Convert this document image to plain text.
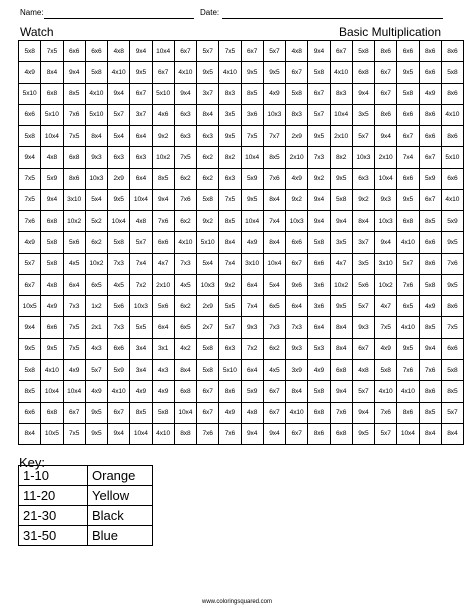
Name:	Date:
Watch	Basic Multiplication
5x8	7x5	6x6	6x6	4x8	9x4	10x4	6x7	5x7	7x5	6x7	5x7	4x8	9x4	6x7	5x8	8x6	6x6	8x6	8x6
4x9	8x4	9x4	5x8	4x10	9x5	6x7	4x10	9x5	4x10	9x5	9x5	6x7	5x8	4x10	6x8	6x7	9x5	6x6	5x8
5x10	6x8	8x5	4x10	9x4	6x7	5x10	9x4	3x7	8x3	8x5	4x9	5x8	6x7	8x3	9x4	6x7	5x8	4x9	8x6
6x6	5x10	7x6	5x10	5x7	3x7	4x6	6x3	8x4	3x5	3x6	10x3	8x3	5x7	10x4	3x5	8x6	6x6	8x6	4x10
5x8	10x4	7x5	8x4	5x4	6x4	9x2	6x3	6x3	9x5	7x5	7x7	2x9	9x5	2x10	5x7	9x4	6x7	6x6	8x6
9x4	4x8	6x8	9x3	6x3	6x3	10x2	7x5	6x2	8x2	10x4	8x5	2x10	7x3	8x2	10x3	2x10	7x4	6x7	5x10
7x5	5x9	8x6	10x3	2x9	6x4	8x5	6x2	6x2	6x3	5x9	7x6	4x9	9x2	9x5	6x3	10x4	6x6	5x9	6x6
7x5	9x4	3x10	5x4	9x5	10x4	9x4	7x6	5x8	7x5	9x5	8x4	9x2	9x4	5x8	9x2	9x3	9x5	6x7	4x10
7x6	6x8	10x2	5x2	10x4	4x8	7x6	6x2	9x2	8x5	10x4	7x4	10x3	9x4	9x4	8x4	10x3	6x8	8x5	5x9
4x9	5x8	5x6	6x2	5x8	5x7	6x6	4x10	5x10	8x4	4x9	8x4	6x6	5x8	3x5	3x7	9x4	4x10	6x6	9x5
5x7	5x8	4x5	10x2	7x3	7x4	4x7	7x3	5x4	7x4	3x10	10x4	6x7	6x6	4x7	3x5	3x10	5x7	8x6	7x6
6x7	4x8	6x4	6x5	4x5	7x2	2x10	4x5	10x3	9x2	6x4	5x4	9x6	3x6	10x2	5x6	10x2	7x6	5x8	9x5
10x5	4x9	7x3	1x2	5x6	10x3	5x6	6x2	2x9	5x5	7x4	6x5	6x4	3x6	9x5	5x7	4x7	6x5	4x9	8x6
9x4	6x6	7x5	2x1	7x3	5x5	6x4	6x5	2x7	5x7	9x3	7x3	7x3	6x4	8x4	9x3	7x5	4x10	8x5	7x5
9x5	9x5	7x5	4x3	6x6	3x4	3x1	4x2	5x8	6x3	7x2	6x2	9x3	5x3	8x4	6x7	4x9	9x5	9x4	6x6
5x8	4x10	4x9	5x7	5x9	3x4	4x3	8x4	5x8	5x10	6x4	4x5	3x9	4x9	6x8	4x8	5x8	7x6	7x6	5x8
8x5	10x4	10x4	4x9	4x10	4x9	4x9	6x8	6x7	8x6	5x9	6x7	8x4	5x8	9x4	5x7	4x10	4x10	8x6	8x5
6x6	6x8	6x7	9x5	6x7	8x5	5x8	10x4	6x7	4x9	4x8	6x7	4x10	6x8	7x6	9x4	7x6	8x6	8x5	5x7
8x4	10x5	7x5	9x5	9x4	10x4	4x10	8x8	7x6	7x6	9x4	9x4	6x7	8x6	6x8	9x5	5x7	10x4	8x4	8x4
Key:
1-10	Orange
11-20	Yellow
21-30	Black
31-50	Blue
www.coloringsquared.com
